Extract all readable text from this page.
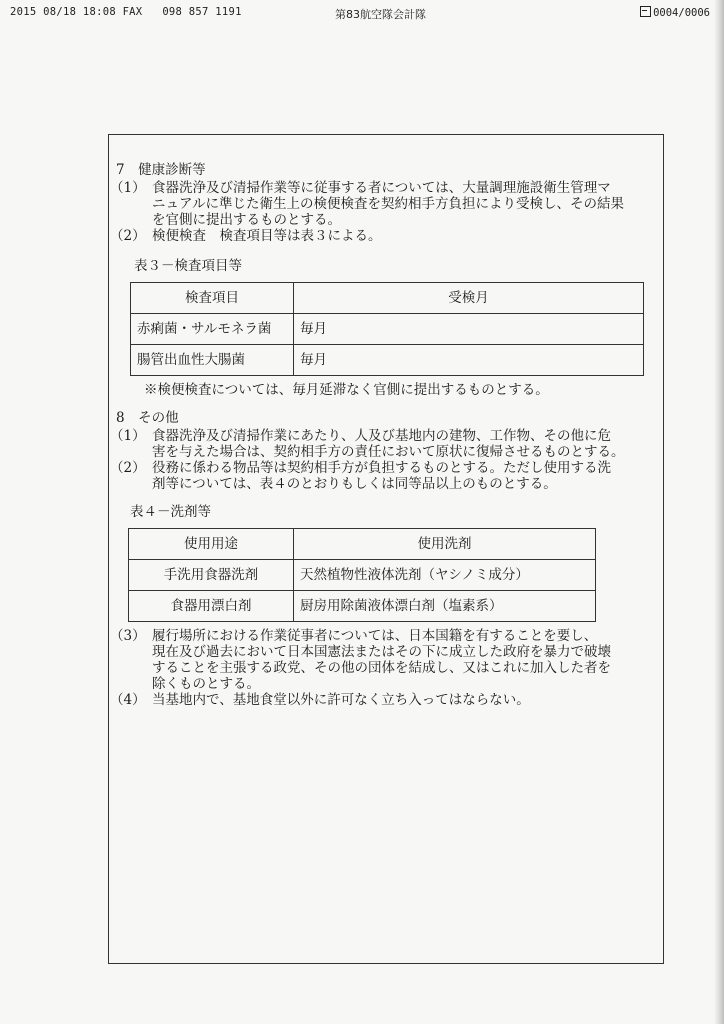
2015 08/18 18:08 FAX 098 857 1191	第83航空隊会計隊	0004/0006
7　健康診断等
（1） 食器洗浄及び清掃作業等に従事する者については、大量調理施設衛生管理マ
ニュアルに準じた衛生上の検便検査を契約相手方負担により受検し、その結果
を官側に提出するものとする。
（2） 検便検査　検査項目等は表３による。
表３－検査項目等
検査項目	受検月
赤痢菌・サルモネラ菌	毎月
腸管出血性大腸菌	毎月
※検便検査については、毎月延滞なく官側に提出するものとする。
8　その他
（1） 食器洗浄及び清掃作業にあたり、人及び基地内の建物、工作物、その他に危
害を与えた場合は、契約相手方の責任において原状に復帰させるものとする。
（2） 役務に係わる物品等は契約相手方が負担するものとする。ただし使用する洗
剤等については、表４のとおりもしくは同等品以上のものとする。
表４－洗剤等
使用用途	使用洗剤
手洗用食器洗剤	天然植物性液体洗剤（ヤシノミ成分）
食器用漂白剤	厨房用除菌液体漂白剤（塩素系）
（3） 履行場所における作業従事者については、日本国籍を有することを要し、
現在及び過去において日本国憲法またはその下に成立した政府を暴力で破壊
することを主張する政党、その他の団体を結成し、又はこれに加入した者を
除くものとする。
（4） 当基地内で、基地食堂以外に許可なく立ち入ってはならない。
